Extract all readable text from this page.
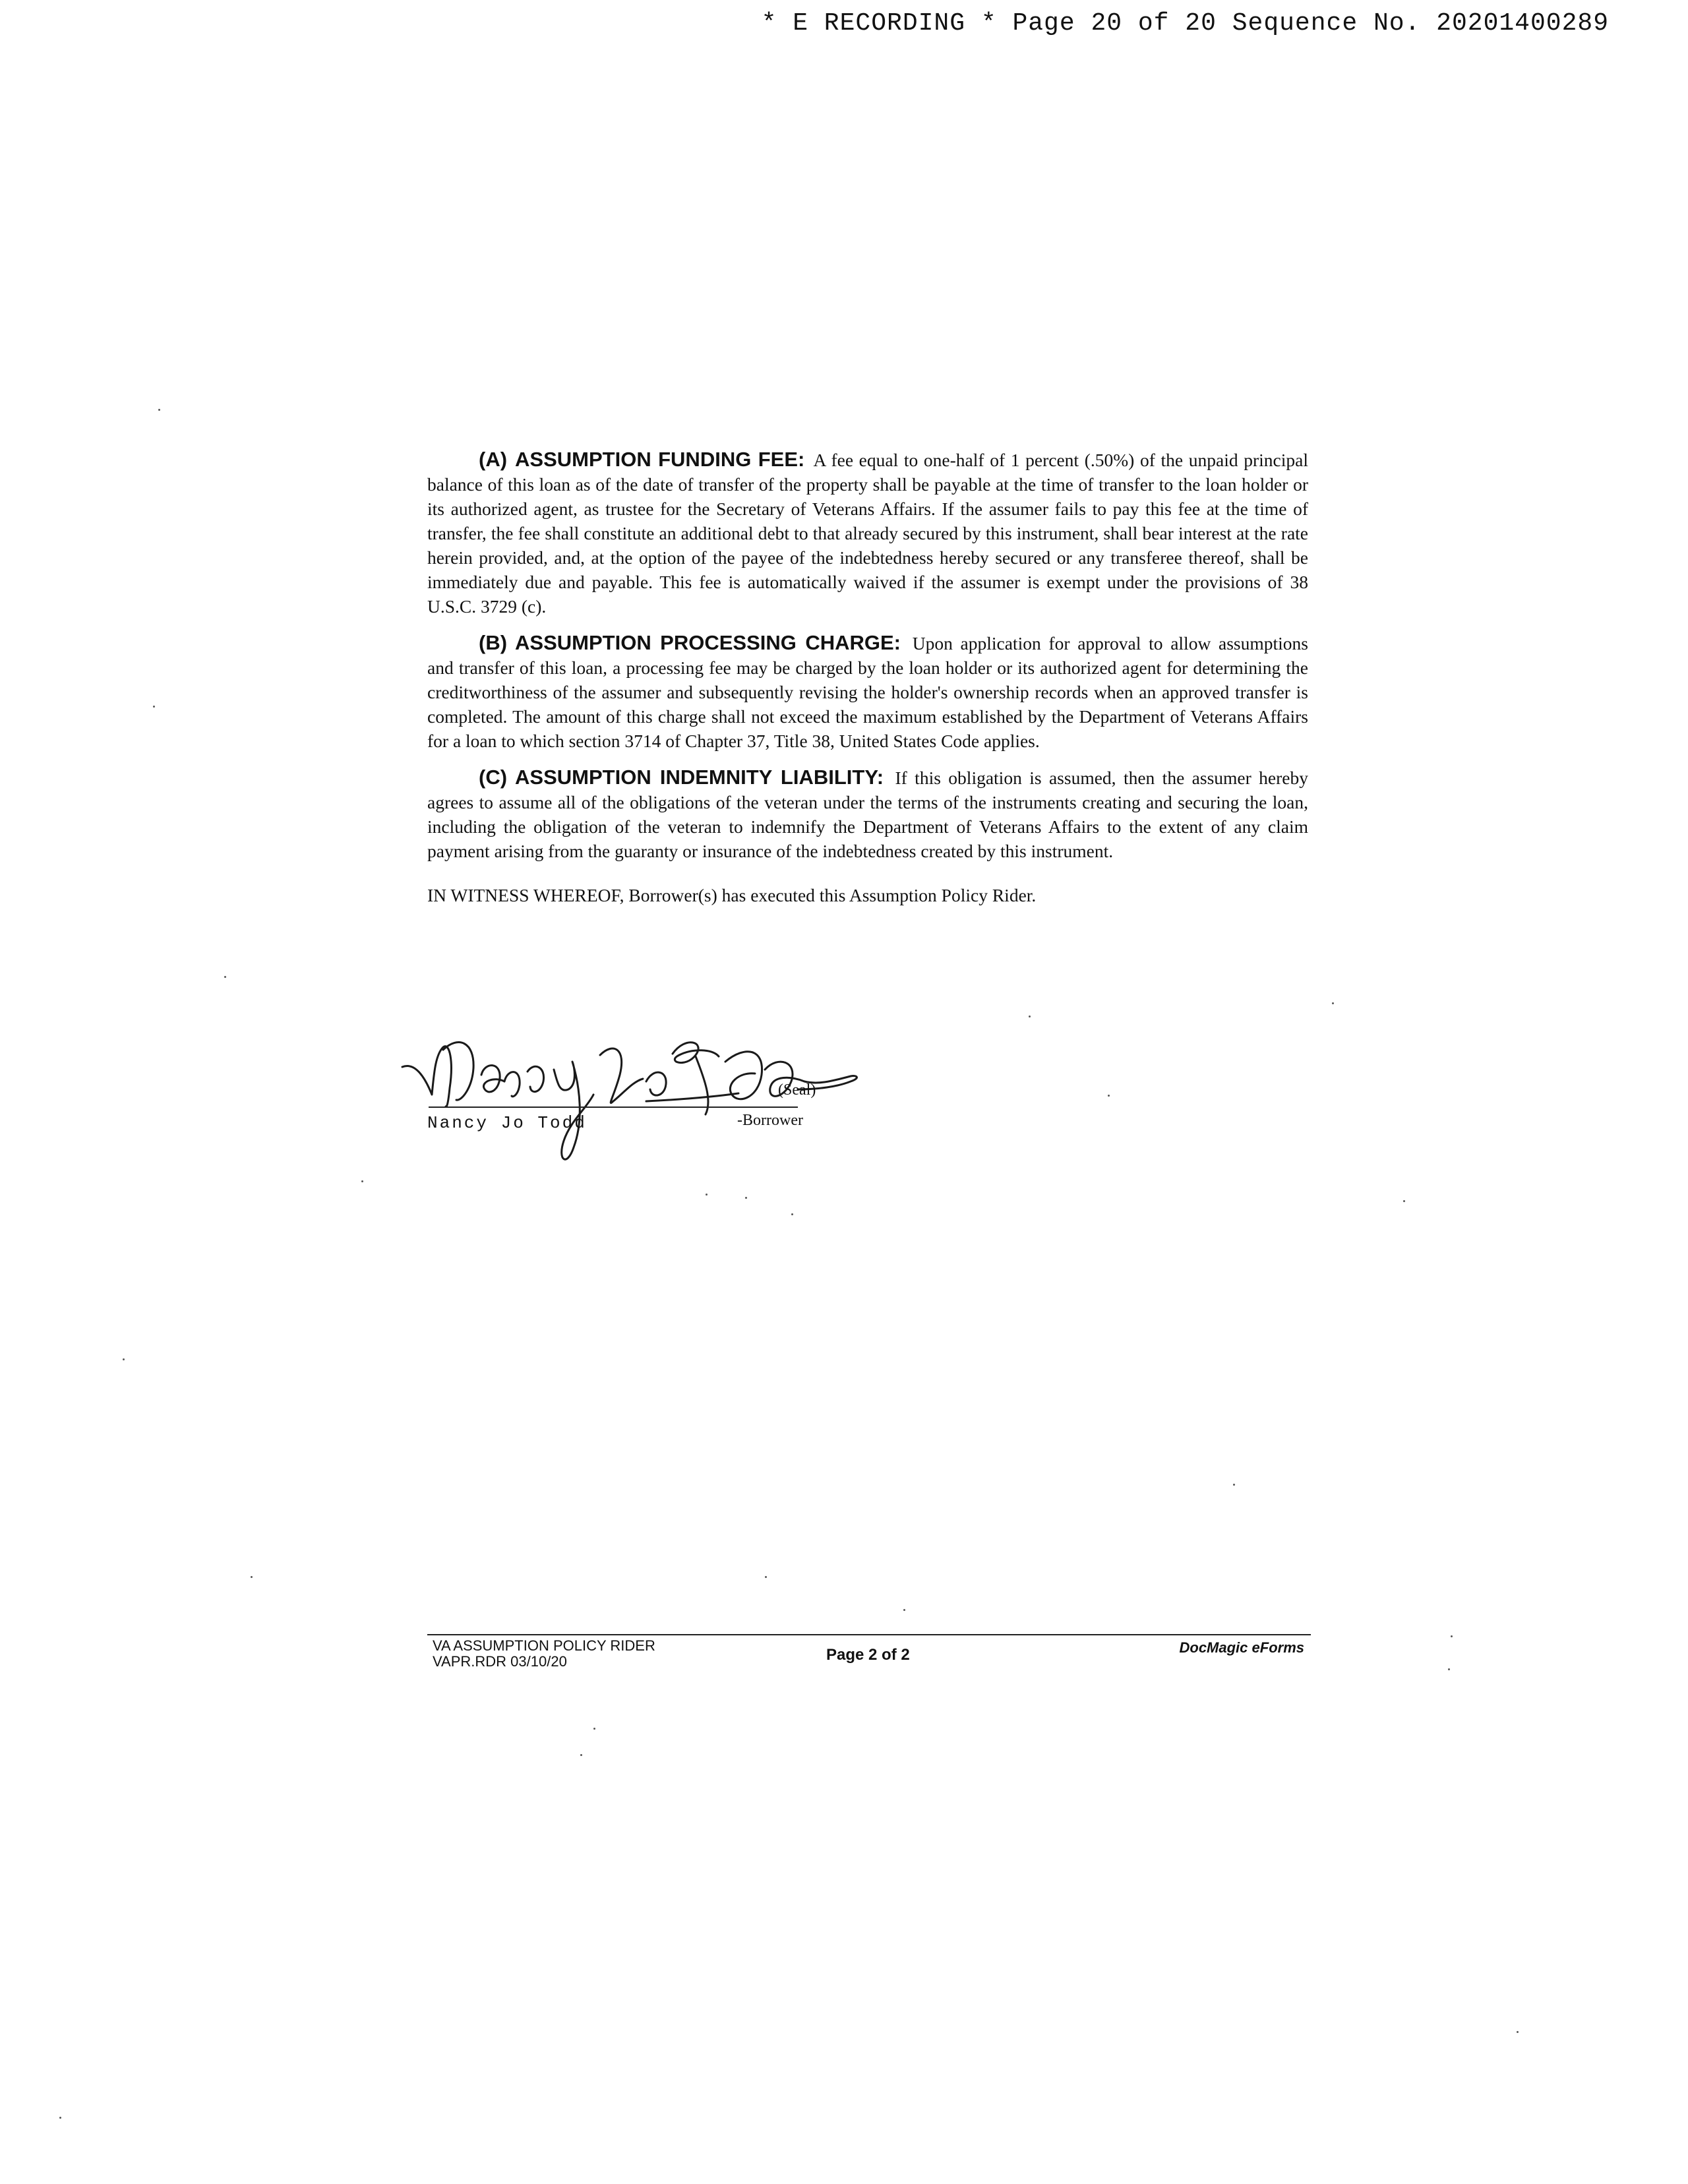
* E RECORDING * Page 20 of 20 Sequence No. 20201400289

(A) ASSUMPTION FUNDING FEE: A fee equal to one-half of 1 percent (.50%) of the unpaid principal balance of this loan as of the date of transfer of the property shall be payable at the time of transfer to the loan holder or its authorized agent, as trustee for the Secretary of Veterans Affairs. If the assumer fails to pay this fee at the time of transfer, the fee shall constitute an additional debt to that already secured by this instrument, shall bear interest at the rate herein provided, and, at the option of the payee of the indebtedness hereby secured or any transferee thereof, shall be immediately due and payable. This fee is automatically waived if the assumer is exempt under the provisions of 38 U.S.C. 3729 (c).

(B) ASSUMPTION PROCESSING CHARGE: Upon application for approval to allow assumptions and transfer of this loan, a processing fee may be charged by the loan holder or its authorized agent for determining the creditworthiness of the assumer and subsequently revising the holder's ownership records when an approved transfer is completed. The amount of this charge shall not exceed the maximum established by the Department of Veterans Affairs for a loan to which section 3714 of Chapter 37, Title 38, United States Code applies.

(C) ASSUMPTION INDEMNITY LIABILITY: If this obligation is assumed, then the assumer hereby agrees to assume all of the obligations of the veteran under the terms of the instruments creating and securing the loan, including the obligation of the veteran to indemnify the Department of Veterans Affairs to the extent of any claim payment arising from the guaranty or insurance of the indebtedness created by this instrument.

IN WITNESS WHEREOF, Borrower(s) has executed this Assumption Policy Rider.

(Seal)
Nancy Jo Todd	-Borrower
VA ASSUMPTION POLICY RIDER
VAPR.RDR 03/10/20	Page 2 of 2	DocMagic eForms
